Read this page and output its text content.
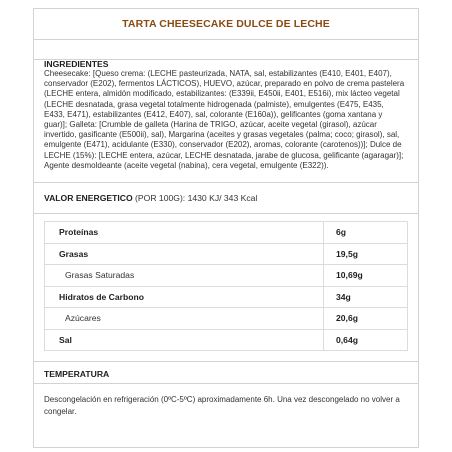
TARTA CHEESECAKE DULCE DE LECHE
INGREDIENTES
Cheesecake: [Queso crema: (LECHE pasteurizada, NATA, sal, estabilizantes (E410, E401, E407), conservador (E202), fermentos LÁCTICOS), HUEVO, azúcar, preparado en polvo de crema pastelera (LECHE entera, almidón modificado, estabilizantes: (E339ii, E450ii, E401, E516i), mix lácteo vegetal (LECHE desnatada, grasa vegetal totalmente hidrogenada (palmiste), emulgentes (E475, E435, E433, E471), estabilizantes (E412, E407), sal, colorante (E160a)), gelificantes (goma xantana y guar)]; Galleta: [Crumble de galleta (Harina de TRIGO, azúcar, aceite vegetal (girasol), azúcar invertido, gasificante (E500ii), sal), Margarina (aceites y grasas vegetales (palma; coco; girasol), sal, emulgente (E471), acidulante (E330), conservador (E202), aromas, colorante (carotenos))]; Dulce de LECHE (15%): [LECHE entera, azúcar, LECHE desnatada, jarabe de glucosa, gelificante (agaragar)]; Agente desmoldeante (aceite vegetal (nabina), cera vegetal, emulgente (E322)).
VALOR ENERGETICO (POR 100G): 1430 KJ/ 343 Kcal
Proteínas	6g
Grasas	19,5g
Grasas Saturadas	10,69g
Hidratos de Carbono	34g
Azúcares	20,6g
Sal	0,64g
TEMPERATURA
Descongelación en refrigeración (0ºC-5ºC) aproximadamente 6h. Una vez descongelado no volver a congelar.
